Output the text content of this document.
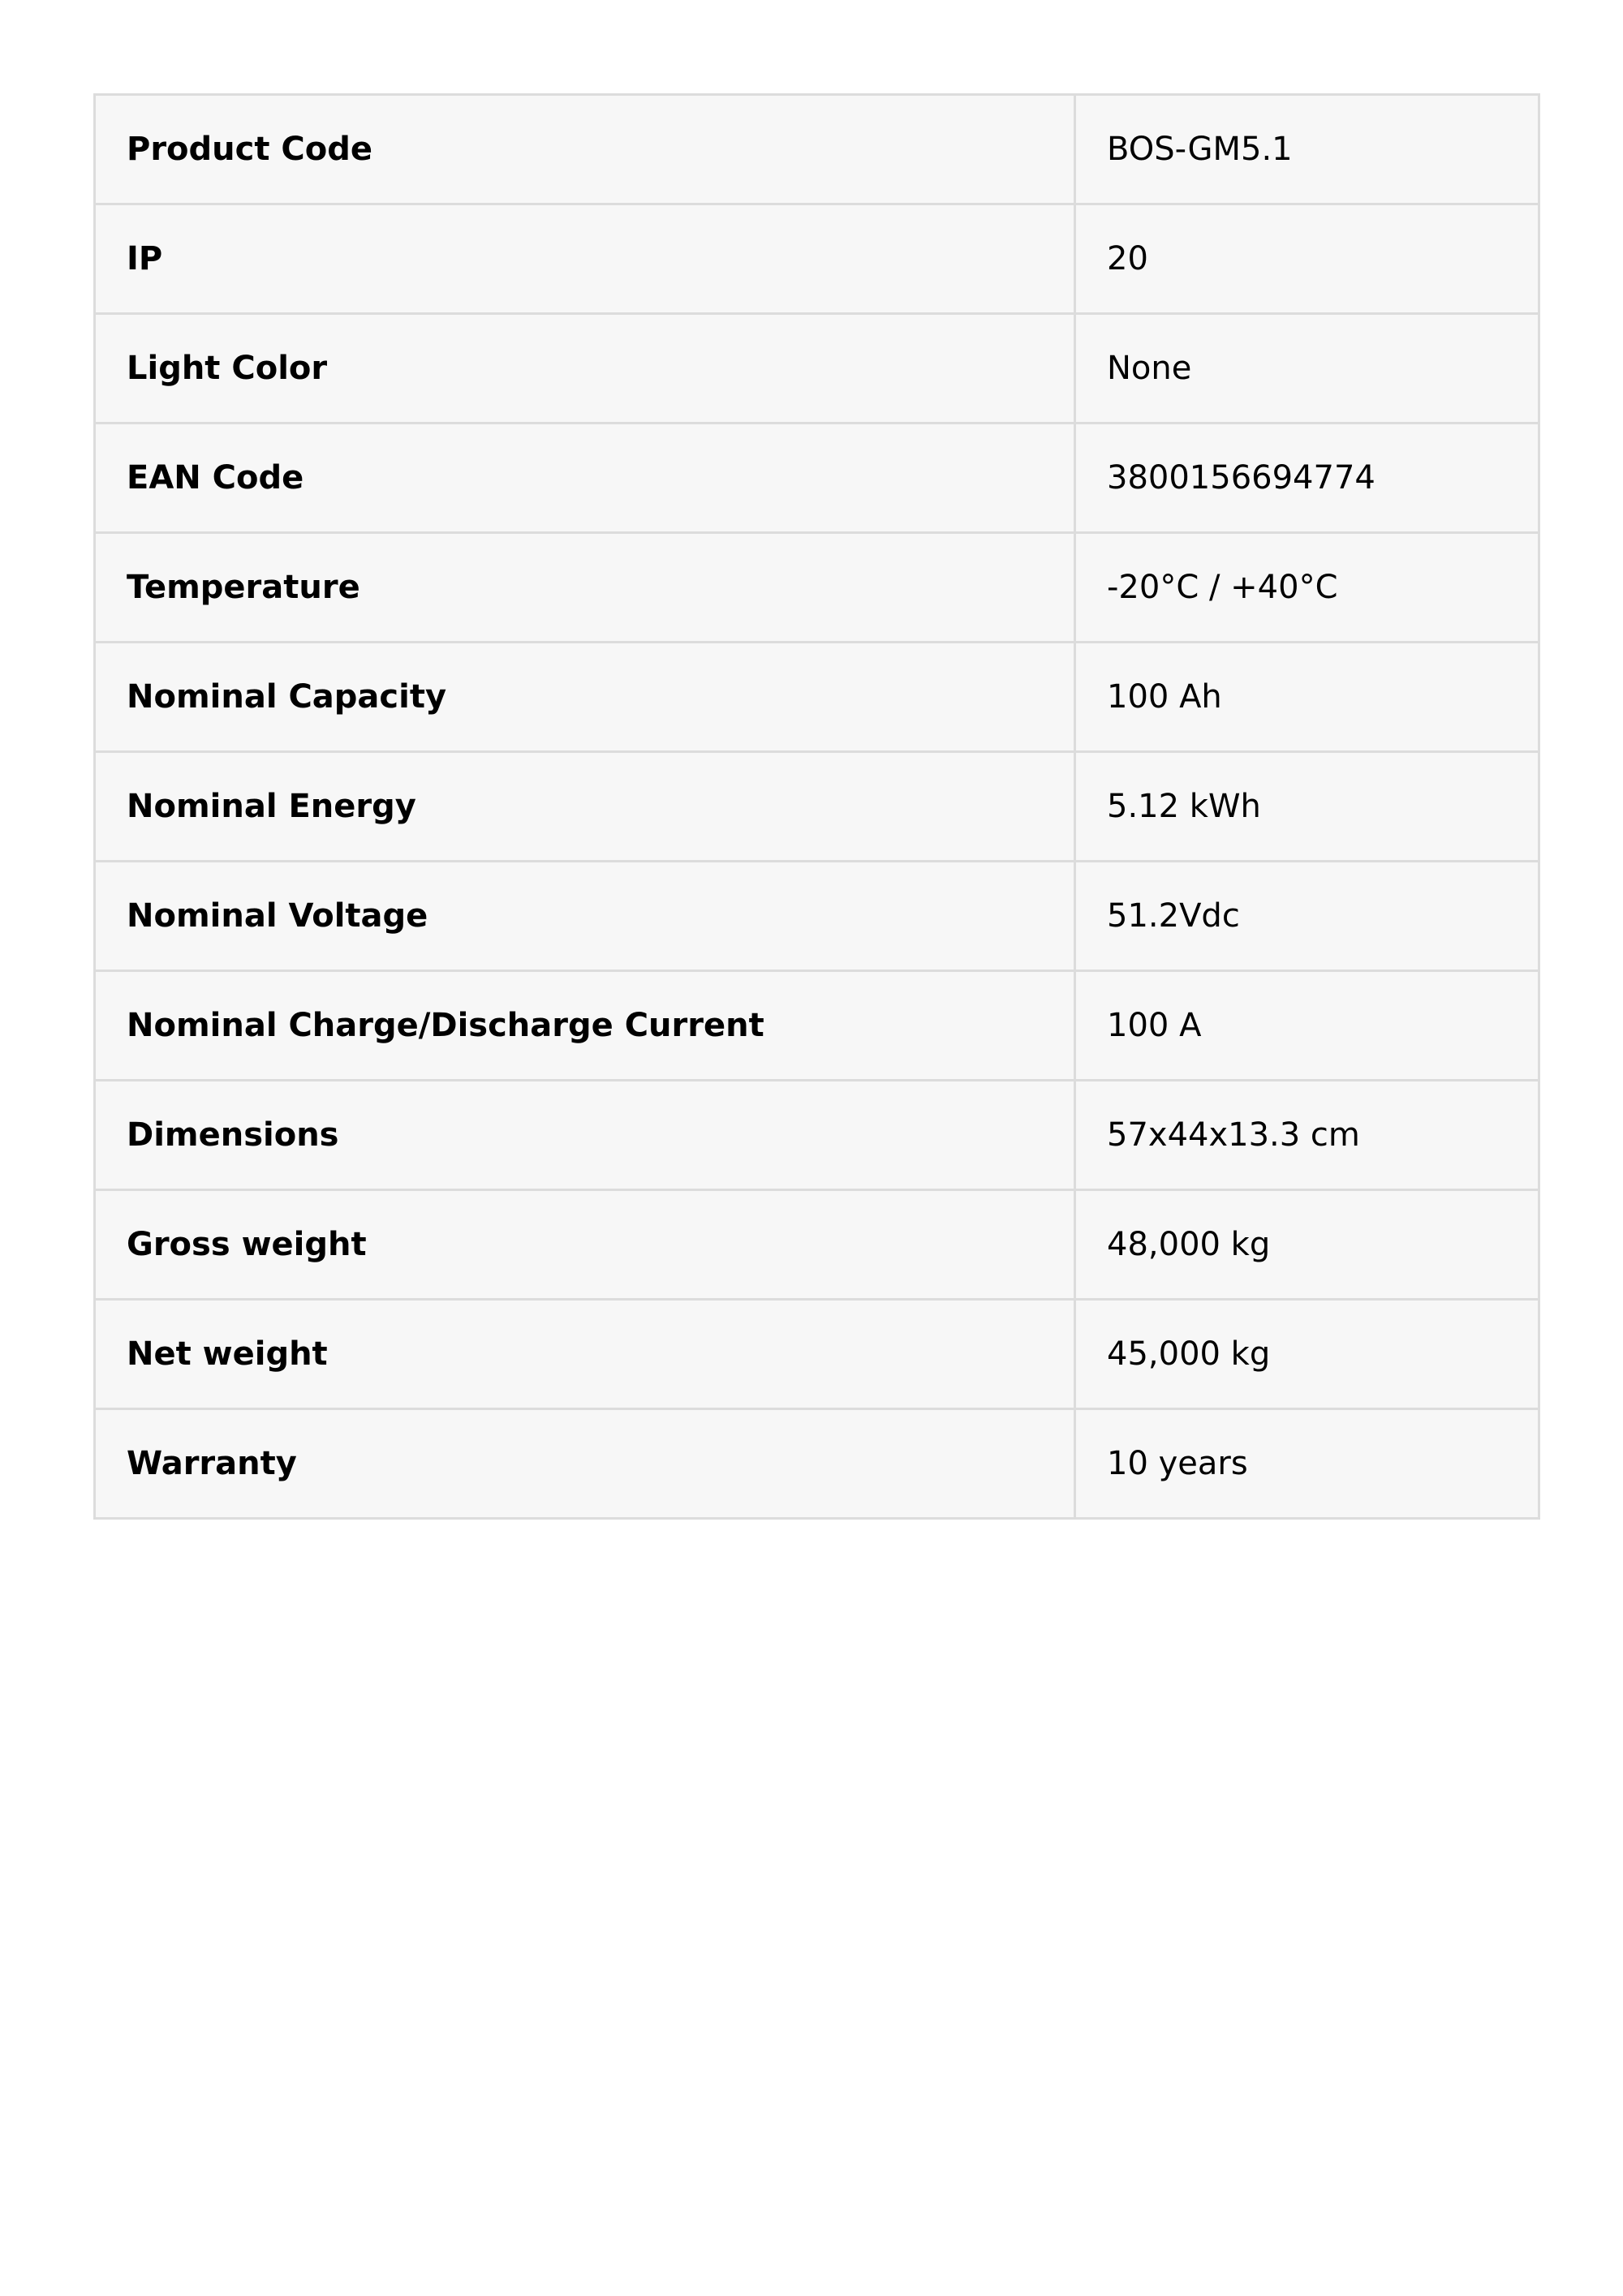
Product Code	BOS-GM5.1
IP	20
Light Color	None
EAN Code	3800156694774
Temperature	-20°C / +40°C
Nominal Capacity	100 Ah
Nominal Energy	5.12 kWh
Nominal Voltage	51.2Vdc
Nominal Charge/Discharge Current	100 A
Dimensions	57x44x13.3 cm
Gross weight	48,000 kg
Net weight	45,000 kg
Warranty	10 years
